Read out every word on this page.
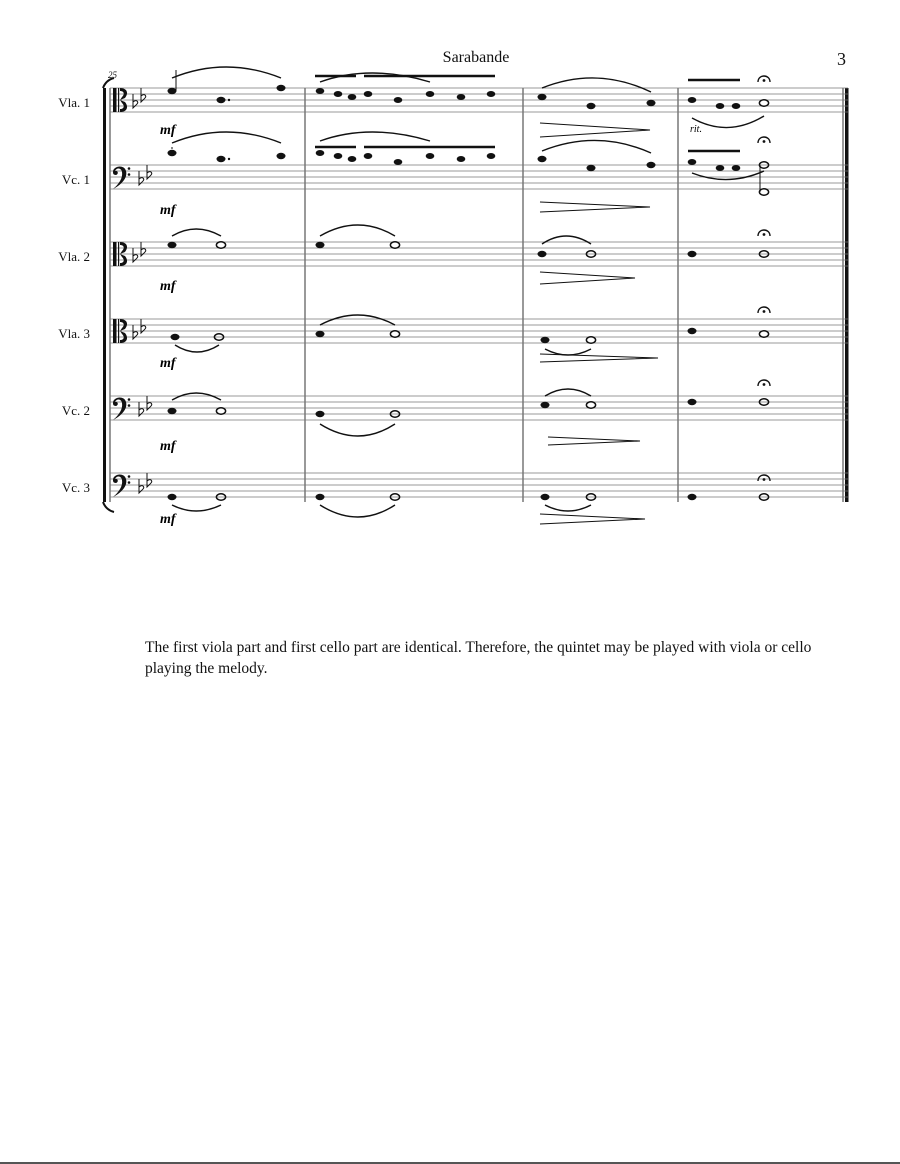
Sarabande	3
25
Vla. 1
Vc. 1
Vla. 2
Vla. 3
Vc. 2
Vc. 3
mf
mf
mf
mf
mf
mf
rit.
The first viola part and first cello part are identical. Therefore, the quintet may be played with viola or cello playing the melody.
